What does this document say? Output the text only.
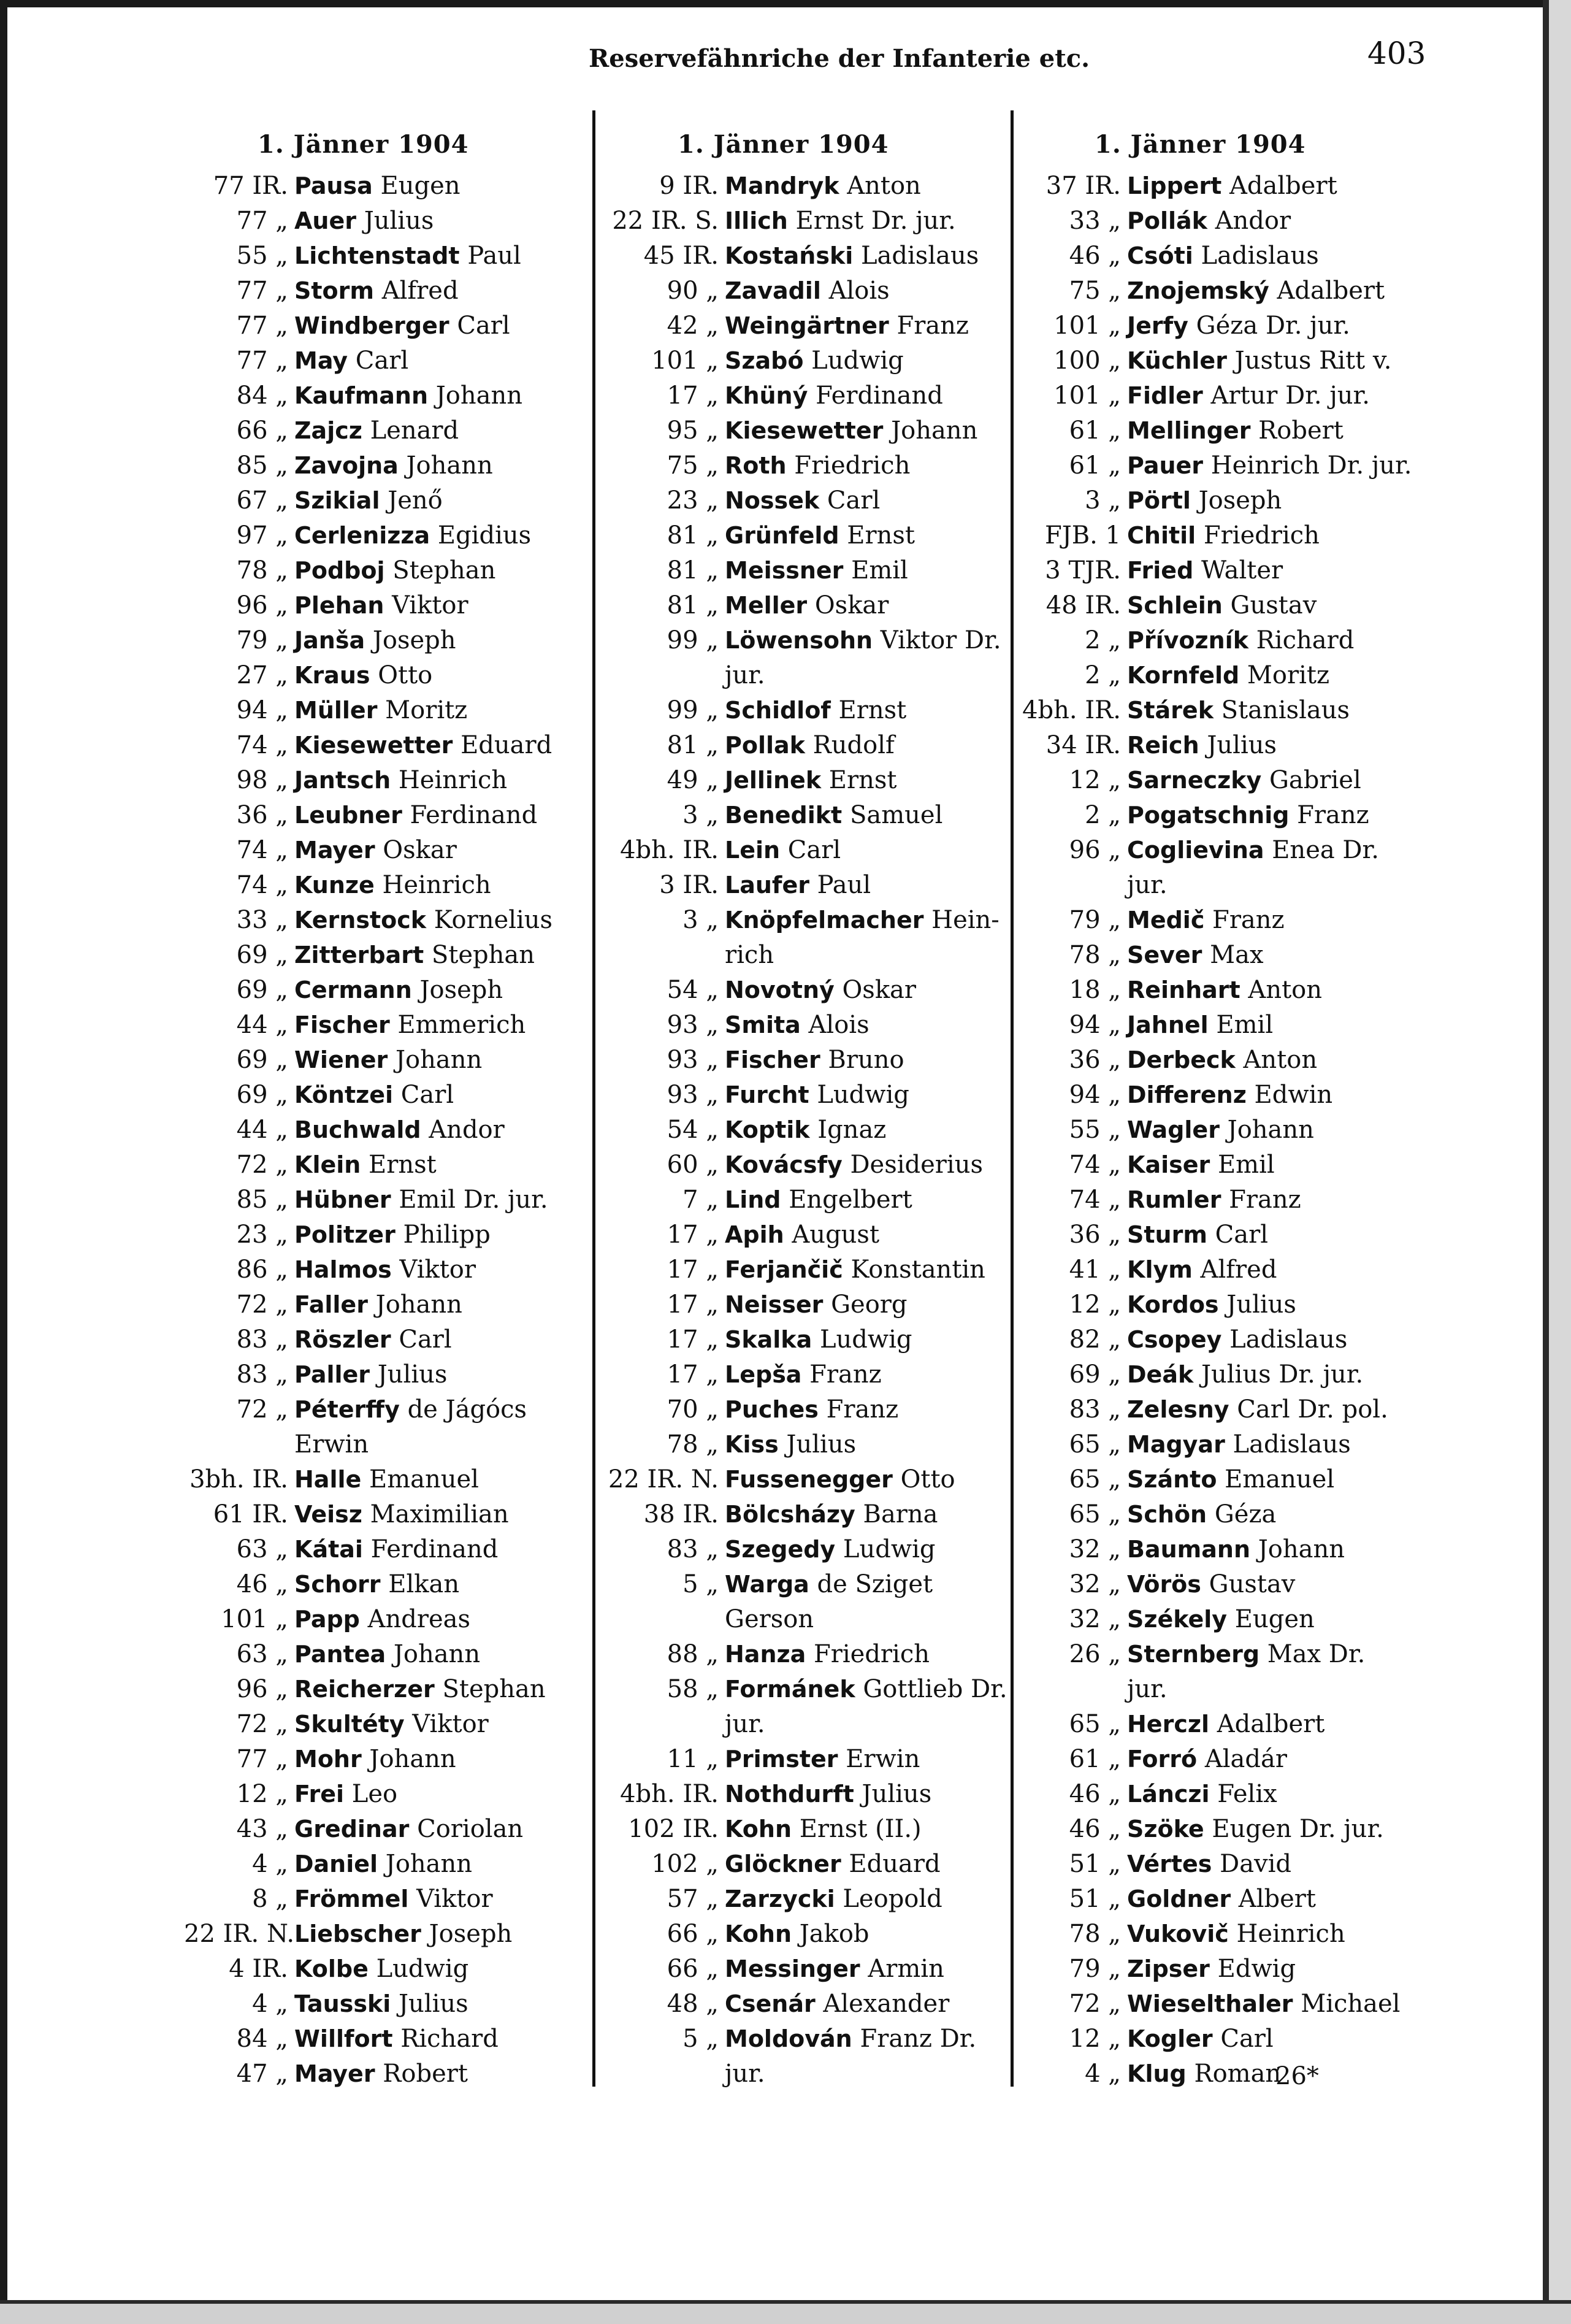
Reservefähnriche der Infanterie etc.	403
1. Jänner 1904	1. Jänner 1904	1. Jänner 1904
77 IR. Pausa Eugen
77 „ Auer Julius
55 „ Lichtenstadt Paul
77 „ Storm Alfred
77 „ Windberger Carl
77 „ May Carl
84 „ Kaufmann Johann
66 „ Zajcz Lenard
85 „ Zavojna Johann
67 „ Szikial Jenő
97 „ Cerlenizza Egidius
78 „ Podboj Stephan
96 „ Plehan Viktor
79 „ Janša Joseph
27 „ Kraus Otto
94 „ Müller Moritz
74 „ Kiesewetter Eduard
98 „ Jantsch Heinrich
36 „ Leubner Ferdinand
74 „ Mayer Oskar
74 „ Kunze Heinrich
33 „ Kernstock Kornelius
69 „ Zitterbart Stephan
69 „ Cermann Joseph
44 „ Fischer Emmerich
69 „ Wiener Johann
69 „ Köntzei Carl
44 „ Buchwald Andor
72 „ Klein Ernst
85 „ Hübner Emil Dr. jur.
23 „ Politzer Philipp
86 „ Halmos Viktor
72 „ Faller Johann
83 „ Röszler Carl
83 „ Paller Julius
72 „ Péterffy de Jágócs
Erwin
3bh. IR. Halle Emanuel
61 IR. Veisz Maximilian
63 „ Kátai Ferdinand
46 „ Schorr Elkan
101 „ Papp Andreas
63 „ Pantea Johann
96 „ Reicherzer Stephan
72 „ Skultéty Viktor
77 „ Mohr Johann
12 „ Frei Leo
43 „ Gredinar Coriolan
4 „ Daniel Johann
8 „ Frömmel Viktor
22 IR. N. Liebscher Joseph
4 IR. Kolbe Ludwig
4 „ Tausski Julius
84 „ Willfort Richard
47 „ Mayer Robert
9 IR. Mandryk Anton
22 IR. S. Illich Ernst Dr. jur.
45 IR. Kostański Ladislaus
90 „ Zavadil Alois
42 „ Weingärtner Franz
101 „ Szabó Ludwig
17 „ Khüný Ferdinand
95 „ Kiesewetter Johann
75 „ Roth Friedrich
23 „ Nossek Carl
81 „ Grünfeld Ernst
81 „ Meissner Emil
81 „ Meller Oskar
99 „ Löwensohn Viktor Dr.
jur.
99 „ Schidlof Ernst
81 „ Pollak Rudolf
49 „ Jellinek Ernst
3 „ Benedikt Samuel
4bh. IR. Lein Carl
3 IR. Laufer Paul
3 „ Knöpfelmacher Hein-
rich
54 „ Novotný Oskar
93 „ Smita Alois
93 „ Fischer Bruno
93 „ Furcht Ludwig
54 „ Koptik Ignaz
60 „ Kovácsfy Desiderius
7 „ Lind Engelbert
17 „ Apih August
17 „ Ferjančič Konstantin
17 „ Neisser Georg
17 „ Skalka Ludwig
17 „ Lepša Franz
70 „ Puches Franz
78 „ Kiss Julius
22 IR. N. Fussenegger Otto
38 IR. Bölcsházy Barna
83 „ Szegedy Ludwig
5 „ Warga de Sziget
Gerson
88 „ Hanza Friedrich
58 „ Formánek Gottlieb Dr.
jur.
11 „ Primster Erwin
4bh. IR. Nothdurft Julius
102 IR. Kohn Ernst (II.)
102 „ Glöckner Eduard
57 „ Zarzycki Leopold
66 „ Kohn Jakob
66 „ Messinger Armin
48 „ Csenár Alexander
5 „ Moldován Franz Dr.
jur.
37 IR. Lippert Adalbert
33 „ Pollák Andor
46 „ Csóti Ladislaus
75 „ Znojemský Adalbert
101 „ Jerfy Géza Dr. jur.
100 „ Küchler Justus Ritt v.
101 „ Fidler Artur Dr. jur.
61 „ Mellinger Robert
61 „ Pauer Heinrich Dr. jur.
3 „ Pörtl Joseph
FJB. 1 Chitil Friedrich
3 TJR. Fried Walter
48 IR. Schlein Gustav
2 „ Přívozník Richard
2 „ Kornfeld Moritz
4bh. IR. Stárek Stanislaus
34 IR. Reich Julius
12 „ Sarneczky Gabriel
2 „ Pogatschnig Franz
96 „ Coglievina Enea Dr.
jur.
79 „ Medič Franz
78 „ Sever Max
18 „ Reinhart Anton
94 „ Jahnel Emil
36 „ Derbeck Anton
94 „ Differenz Edwin
55 „ Wagler Johann
74 „ Kaiser Emil
74 „ Rumler Franz
36 „ Sturm Carl
41 „ Klym Alfred
12 „ Kordos Julius
82 „ Csopey Ladislaus
69 „ Deák Julius Dr. jur.
83 „ Zelesny Carl Dr. pol.
65 „ Magyar Ladislaus
65 „ Szánto Emanuel
65 „ Schön Géza
32 „ Baumann Johann
32 „ Vörös Gustav
32 „ Székely Eugen
26 „ Sternberg Max Dr.
jur.
65 „ Herczl Adalbert
61 „ Forró Aladár
46 „ Lánczi Felix
46 „ Szöke Eugen Dr. jur.
51 „ Vértes David
51 „ Goldner Albert
78 „ Vukovič Heinrich
79 „ Zipser Edwig
72 „ Wieselthaler Michael
12 „ Kogler Carl
4 „ Klug Roman
26*
